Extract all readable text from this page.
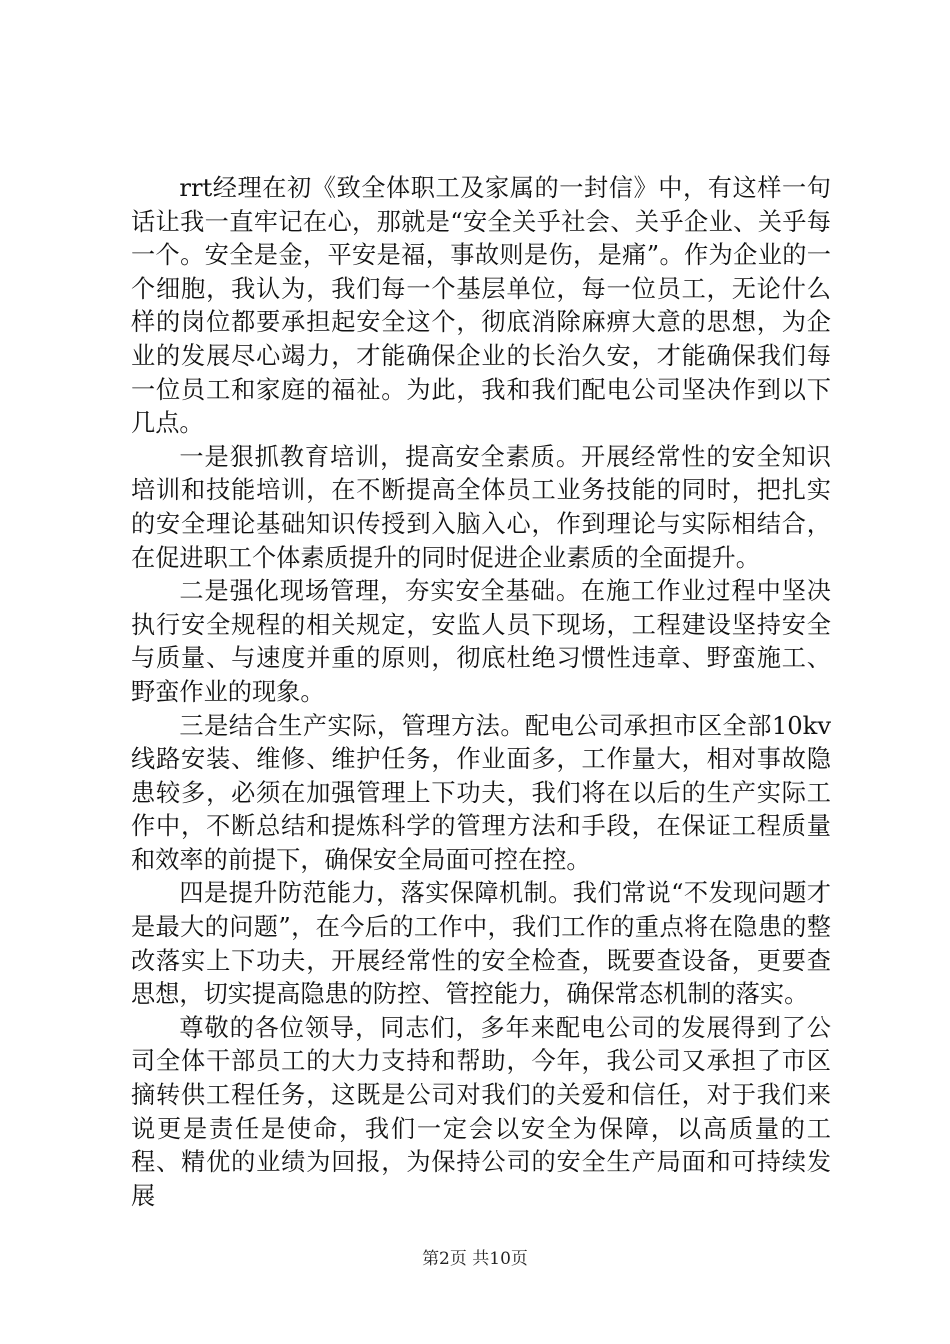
rrt经理在初《致全体职工及家属的一封信》中，有这样一句话让我一直牢记在心，那就是“安全关乎社会、关乎企业、关乎每一个。安全是金，平安是福，事故则是伤，是痛”。作为企业的一个细胞，我认为，我们每一个基层单位，每一位员工，无论什么样的岗位都要承担起安全这个，彻底消除麻痹大意的思想，为企业的发展尽心竭力，才能确保企业的长治久安，才能确保我们每一位员工和家庭的福祉。为此，我和我们配电公司坚决作到以下几点。

一是狠抓教育培训，提高安全素质。开展经常性的安全知识培训和技能培训，在不断提高全体员工业务技能的同时，把扎实的安全理论基础知识传授到入脑入心，作到理论与实际相结合，在促进职工个体素质提升的同时促进企业素质的全面提升。

二是强化现场管理，夯实安全基础。在施工作业过程中坚决执行安全规程的相关规定，安监人员下现场，工程建设坚持安全与质量、与速度并重的原则，彻底杜绝习惯性违章、野蛮施工、野蛮作业的现象。

三是结合生产实际，管理方法。配电公司承担市区全部10kv线路安装、维修、维护任务，作业面多，工作量大，相对事故隐患较多，必须在加强管理上下功夫，我们将在以后的生产实际工作中，不断总结和提炼科学的管理方法和手段，在保证工程质量和效率的前提下，确保安全局面可控在控。

四是提升防范能力，落实保障机制。我们常说“不发现问题才是最大的问题”，在今后的工作中，我们工作的重点将在隐患的整改落实上下功夫，开展经常性的安全检查，既要查设备，更要查思想，切实提高隐患的防控、管控能力，确保常态机制的落实。

尊敬的各位领导，同志们，多年来配电公司的发展得到了公司全体干部员工的大力支持和帮助，今年，我公司又承担了市区摘转供工程任务，这既是公司对我们的关爱和信任，对于我们来说更是责任是使命，我们一定会以安全为保障，以高质量的工程、精优的业绩为回报，为保持公司的安全生产局面和可持续发展

第2页 共10页
